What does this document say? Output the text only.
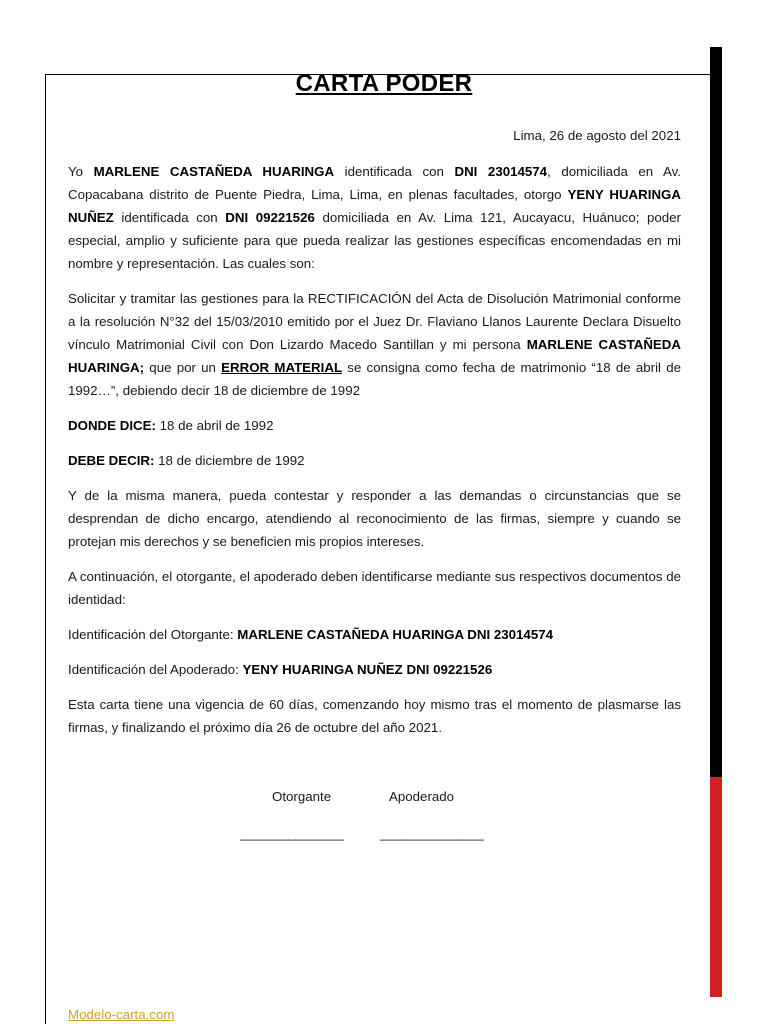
CARTA PODER

Lima, 26 de agosto del 2021

Yo MARLENE CASTAÑEDA HUARINGA identificada con DNI 23014574, domiciliada en Av. Copacabana distrito de Puente Piedra, Lima, Lima, en plenas facultades, otorgo YENY HUARINGA NUÑEZ identificada con DNI 09221526 domiciliada en Av. Lima 121, Aucayacu, Huánuco; poder especial, amplio y suficiente para que pueda realizar las gestiones específicas encomendadas en mi nombre y representación. Las cuales son:

Solicitar y tramitar las gestiones para la RECTIFICACIÓN del Acta de Disolución Matrimonial conforme a la resolución N°32 del 15/03/2010 emitido por el Juez Dr. Flaviano Llanos Laurente Declara Disuelto vínculo Matrimonial Civil con Don Lizardo Macedo Santillan y mi persona MARLENE CASTAÑEDA HUARINGA; que por un ERROR MATERIAL se consigna como fecha de matrimonio “18 de abril de 1992…”, debiendo decir 18 de diciembre de 1992

DONDE DICE: 18 de abril de 1992

DEBE DECIR: 18 de diciembre de 1992

Y de la misma manera, pueda contestar y responder a las demandas o circunstancias que se desprendan de dicho encargo, atendiendo al reconocimiento de las firmas, siempre y cuando se protejan mis derechos y se beneficien mis propios intereses.

A continuación, el otorgante, el apoderado deben identificarse mediante sus respectivos documentos de identidad:

Identificación del Otorgante: MARLENE CASTAÑEDA HUARINGA DNI 23014574

Identificación del Apoderado: YENY HUARINGA NUÑEZ DNI 09221526

Esta carta tiene una vigencia de 60 días, comenzando hoy mismo tras el momento de plasmarse las firmas, y finalizando el próximo día 26 de octubre del año 2021.

Otorgante	Apoderado
_______________	_______________
Modelo-carta.com
